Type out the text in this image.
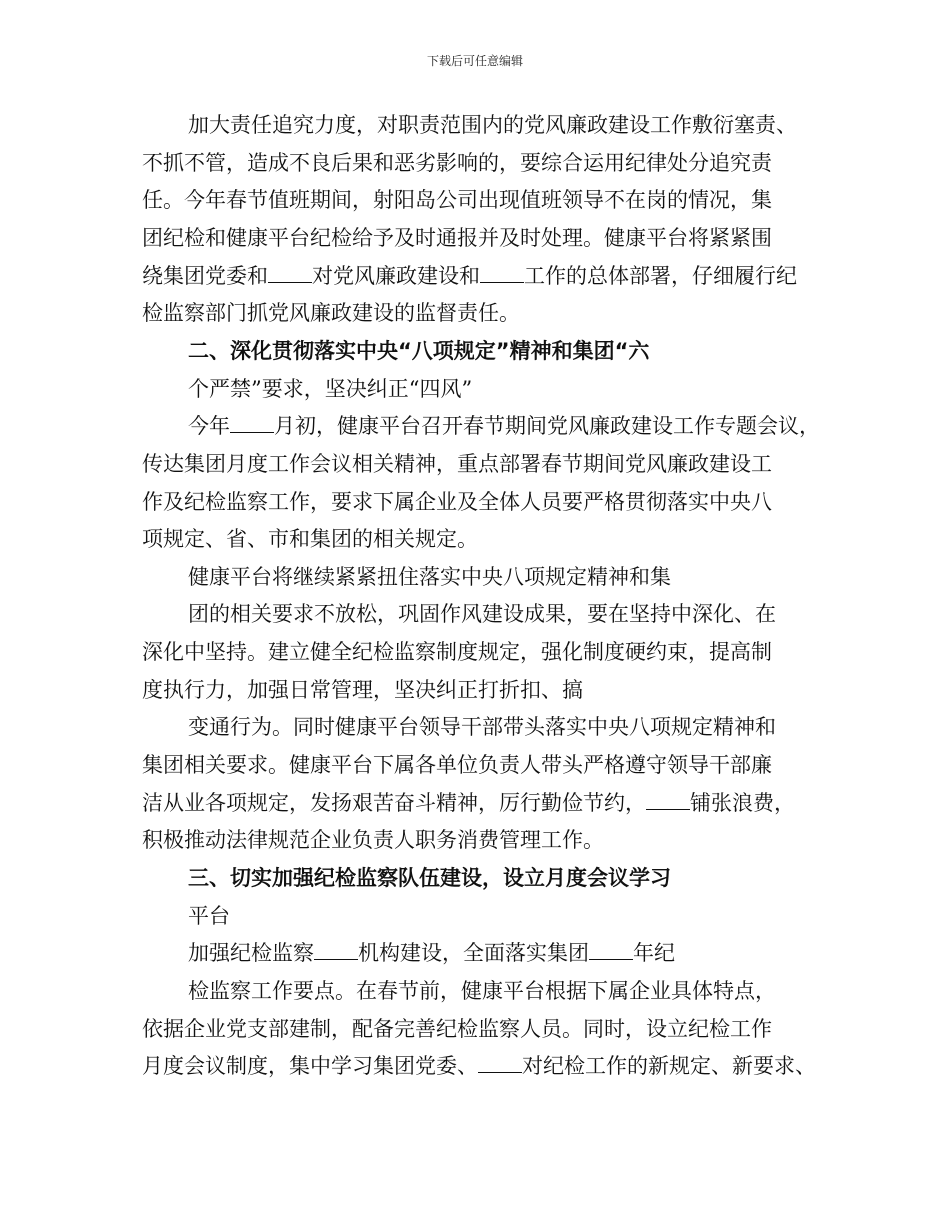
下载后可任意编辑
加大责任追究力度，对职责范围内的党风廉政建设工作敷衍塞责、
不抓不管，造成不良后果和恶劣影响的，要综合运用纪律处分追究责
任。今年春节值班期间，射阳岛公司出现值班领导不在岗的情况，集
团纪检和健康平台纪检给予及时通报并及时处理。健康平台将紧紧围
绕集团党委和 对党风廉政建设和 工作的总体部署，仔细履行纪
检监察部门抓党风廉政建设的监督责任。
二、深化贯彻落实中央“八项规定”精神和集团“六
个严禁”要求，坚决纠正“四风”
今年 月初，健康平台召开春节期间党风廉政建设工作专题会议，
传达集团月度工作会议相关精神，重点部署春节期间党风廉政建设工
作及纪检监察工作，要求下属企业及全体人员要严格贯彻落实中央八
项规定、省、市和集团的相关规定。
健康平台将继续紧紧扭住落实中央八项规定精神和集
团的相关要求不放松，巩固作风建设成果，要在坚持中深化、在
深化中坚持。建立健全纪检监察制度规定，强化制度硬约束，提高制
度执行力，加强日常管理，坚决纠正打折扣、搞
变通行为。同时健康平台领导干部带头落实中央八项规定精神和
集团相关要求。健康平台下属各单位负责人带头严格遵守领导干部廉
洁从业各项规定，发扬艰苦奋斗精神，厉行勤俭节约， 铺张浪费，
积极推动法律规范企业负责人职务消费管理工作。
三、切实加强纪检监察队伍建设，设立月度会议学习
平台
加强纪检监察 机构建设，全面落实集团 年纪
检监察工作要点。在春节前，健康平台根据下属企业具体特点，
依据企业党支部建制，配备完善纪检监察人员。同时，设立纪检工作
月度会议制度，集中学习集团党委、 对纪检工作的新规定、新要求、
